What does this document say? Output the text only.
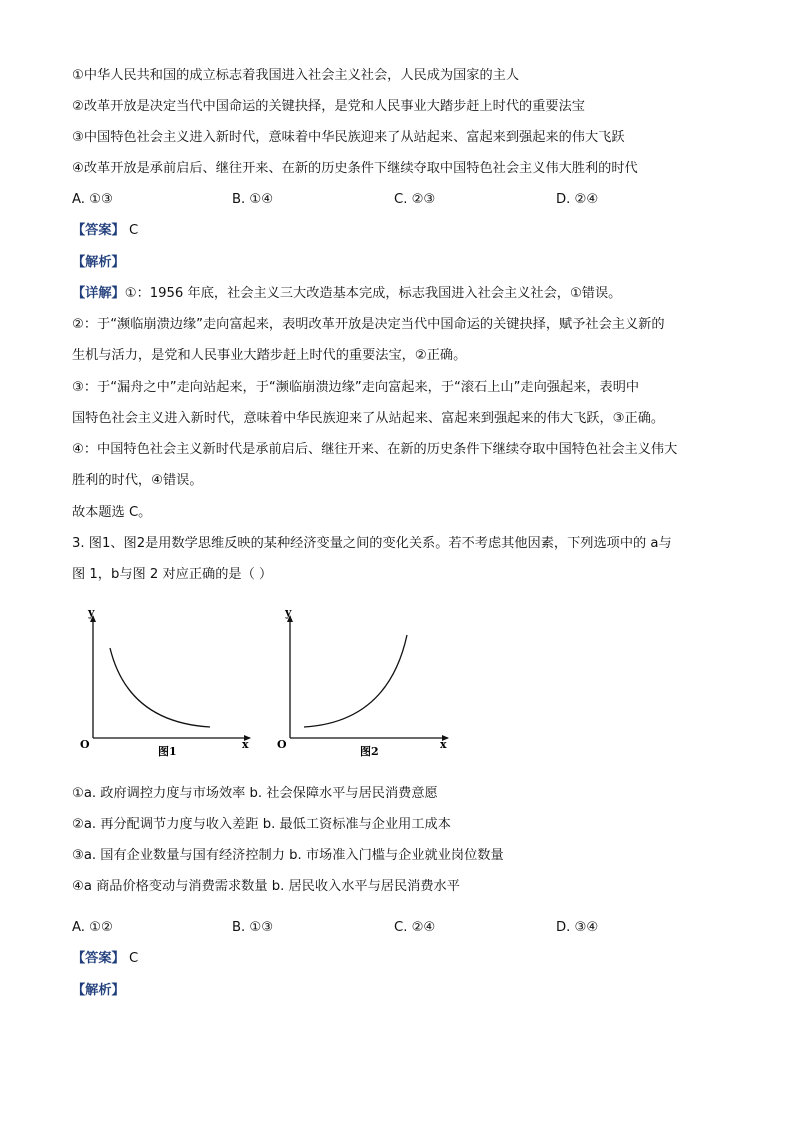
①中华人民共和国的成立标志着我国进入社会主义社会，人民成为国家的主人
②改革开放是决定当代中国命运的关键抉择，是党和人民事业大踏步赶上时代的重要法宝
③中国特色社会主义进入新时代，意味着中华民族迎来了从站起来、富起来到强起来的伟大飞跃
④改革开放是承前启后、继往开来、在新的历史条件下继续夺取中国特色社会主义伟大胜利的时代
A. ①③	B. ①④	C. ②③	D. ②④
【答案】 C
【解析】
【详解】①：1956 年底，社会主义三大改造基本完成，标志我国进入社会主义社会，①错误。
②：于“濒临崩溃边缘”走向富起来，表明改革开放是决定当代中国命运的关键抉择，赋予社会主义新的
生机与活力，是党和人民事业大踏步赶上时代的重要法宝，②正确。
③：于“漏舟之中”走向站起来，于“濒临崩溃边缘”走向富起来，于“滚石上山”走向强起来，表明中
国特色社会主义进入新时代，意味着中华民族迎来了从站起来、富起来到强起来的伟大飞跃，③正确。
④：中国特色社会主义新时代是承前启后、继往开来、在新的历史条件下继续夺取中国特色社会主义伟大
胜利的时代，④错误。
故本题选 C。
3. 图1、图2是用数学思维反映的某种经济变量之间的变化关系。若不考虑其他因素，下列选项中的 a与
图 1，b与图 2 对应正确的是（ ）
y
x
O
图1
y
x
O
图2
①a. 政府调控力度与市场效率 b. 社会保障水平与居民消费意愿
②a. 再分配调节力度与收入差距 b. 最低工资标准与企业用工成本
③a. 国有企业数量与国有经济控制力 b. 市场准入门槛与企业就业岗位数量
④a 商品价格变动与消费需求数量 b. 居民收入水平与居民消费水平
A. ①②	B. ①③	C. ②④	D. ③④
【答案】 C
【解析】
